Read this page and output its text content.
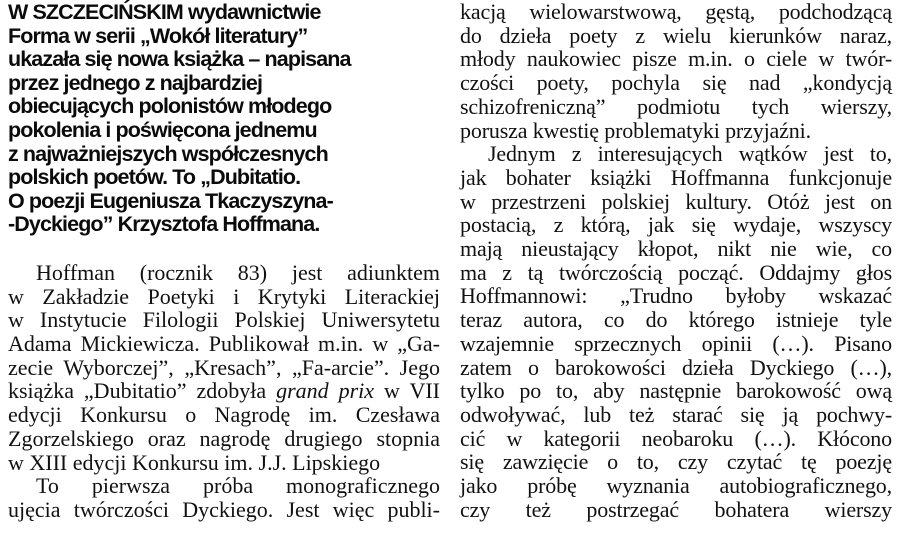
W SZCZECIŃSKIM wydawnictwie
Forma w serii „Wokół literatury”
ukazała się nowa książka – napisana
przez jednego z najbardziej
obiecujących polonistów młodego
pokolenia i poświęcona jednemu
z najważniejszych współczesnych
polskich poetów. To „Dubitatio.
O poezji Eugeniusza Tkaczyszyna-
-Dyckiego” Krzysztofa Hoffmana.
Hoffman (rocznik 83) jest adiunktem
w Zakładzie Poetyki i Krytyki Literackiej
w Instytucie Filologii Polskiej Uniwersytetu
Adama Mickiewicza. Publikował m.in. w „Ga-
zecie Wyborczej”, „Kresach”, „Fa-arcie”. Jego
książka „Dubitatio” zdobyła grand prix w VII
edycji Konkursu o Nagrodę im. Czesława
Zgorzelskiego oraz nagrodę drugiego stopnia
w XIII edycji Konkursu im. J.J. Lipskiego
To pierwsza próba monograficznego
ujęcia twórczości Dyckiego. Jest więc publi-
kacją wielowarstwową, gęstą, podchodzącą
do dzieła poety z wielu kierunków naraz,
młody naukowiec pisze m.in. o ciele w twór-
czości poety, pochyla się nad „kondycją
schizofreniczną” podmiotu tych wierszy,
porusza kwestię problematyki przyjaźni.
Jednym z interesujących wątków jest to,
jak bohater książki Hoffmanna funkcjonuje
w przestrzeni polskiej kultury. Otóż jest on
postacią, z którą, jak się wydaje, wszyscy
mają nieustający kłopot, nikt nie wie, co
ma z tą twórczością począć. Oddajmy głos
Hoffmannowi: „Trudno byłoby wskazać
teraz autora, co do którego istnieje tyle
wzajemnie sprzecznych opinii (…). Pisano
zatem o barokowości dzieła Dyckiego (…),
tylko po to, aby następnie barokowość ową
odwoływać, lub też starać się ją pochwy-
cić w kategorii neobaroku (…). Kłócono
się zawzięcie o to, czy czytać tę poezję
jako próbę wyznania autobiograficznego,
czy też postrzegać bohatera wierszy
